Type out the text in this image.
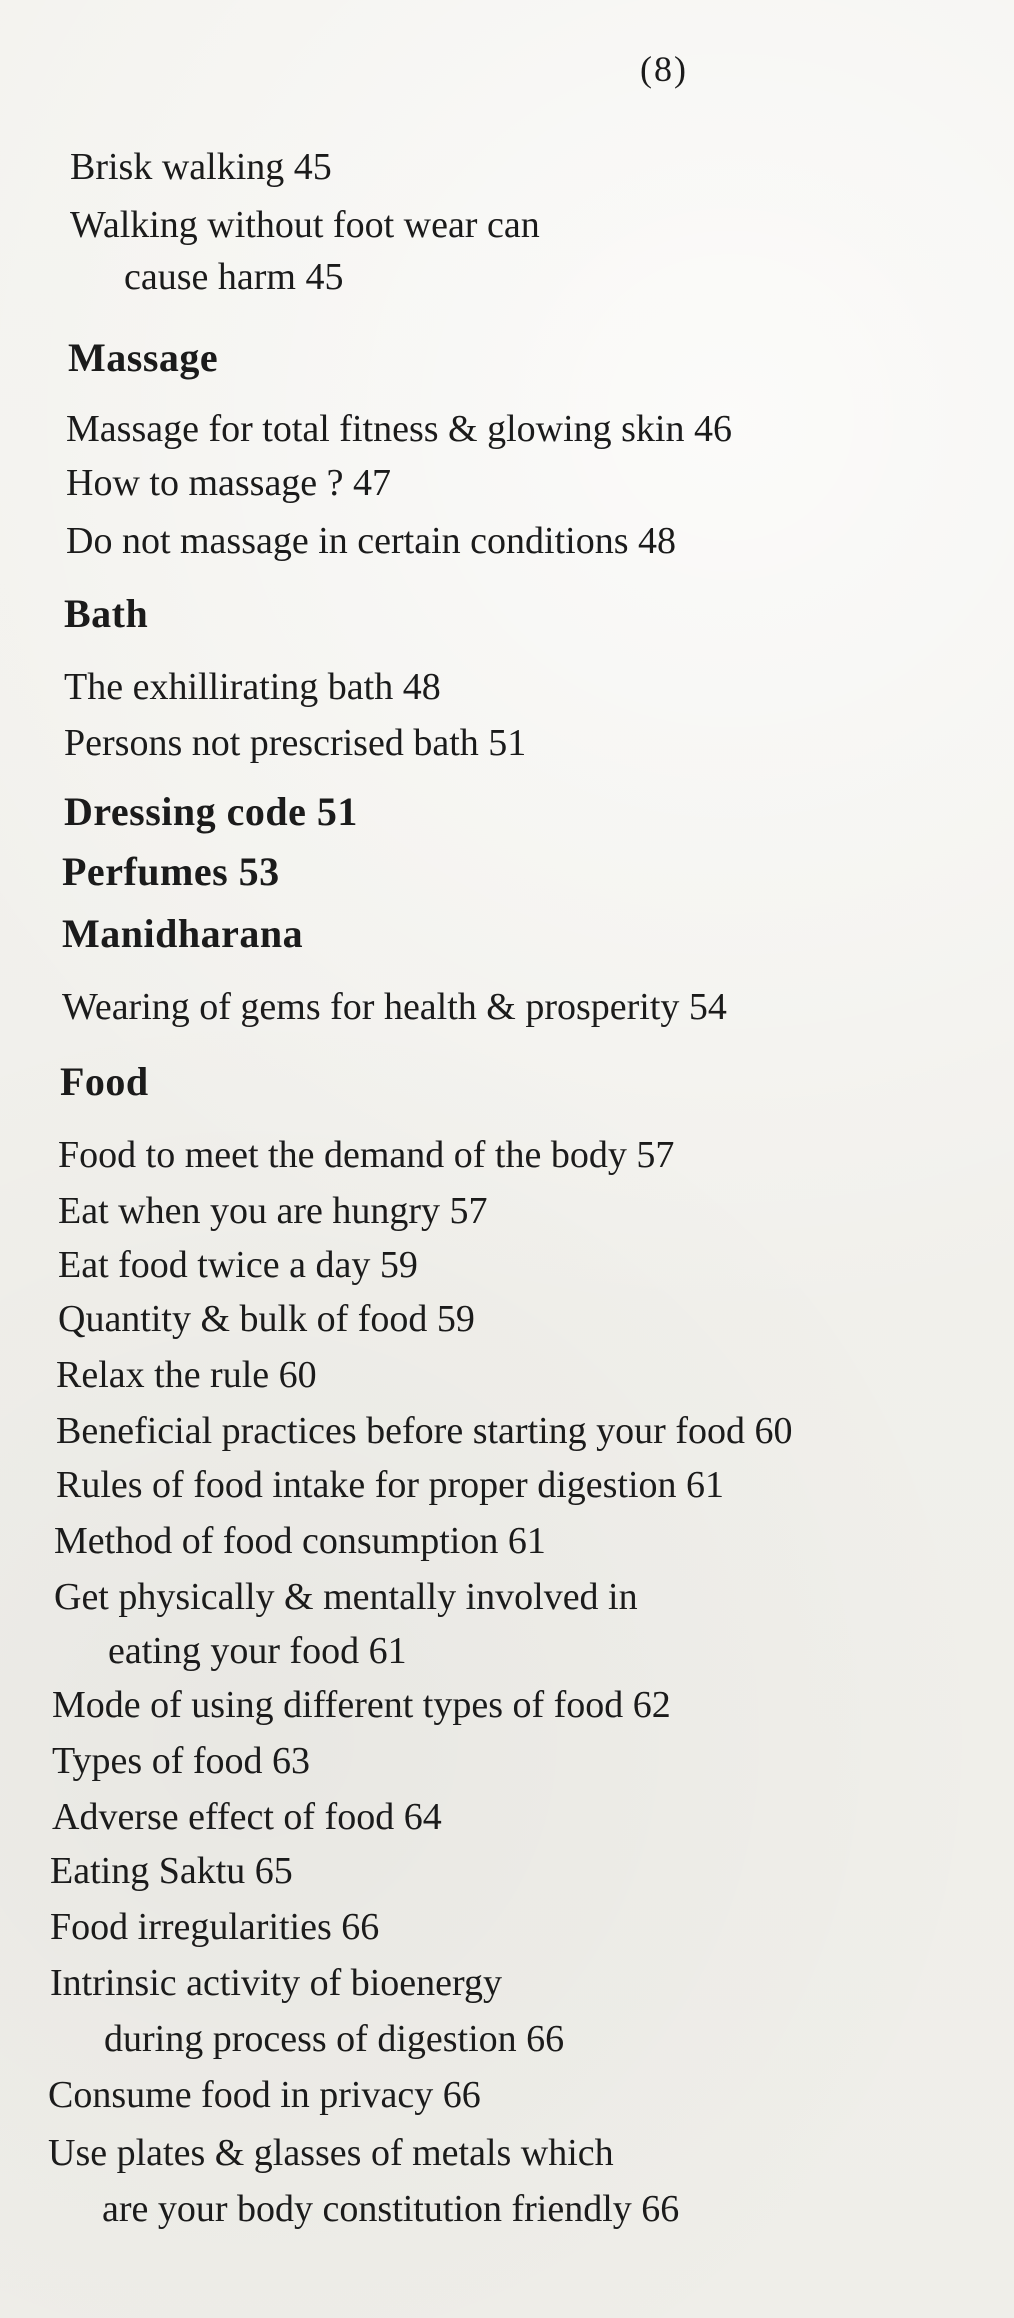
(8)
Brisk walking 45
Walking without foot wear can
cause harm 45
Massage
Massage for total fitness & glowing skin 46
How to massage ? 47
Do not massage in certain conditions 48
Bath
The exhillirating bath 48
Persons not prescrised bath 51
Dressing code 51
Perfumes 53
Manidharana
Wearing of gems for health & prosperity 54
Food
Food to meet the demand of the body 57
Eat when you are hungry 57
Eat food twice a day 59
Quantity & bulk of food 59
Relax the rule 60
Beneficial practices before starting your food 60
Rules of food intake for proper digestion 61
Method of food consumption 61
Get physically & mentally involved in
eating your food 61
Mode of using different types of food 62
Types of food 63
Adverse effect of food 64
Eating Saktu 65
Food irregularities 66
Intrinsic activity of bioenergy
during process of digestion 66
Consume food in privacy 66
Use plates & glasses of metals which
are your body constitution friendly 66
